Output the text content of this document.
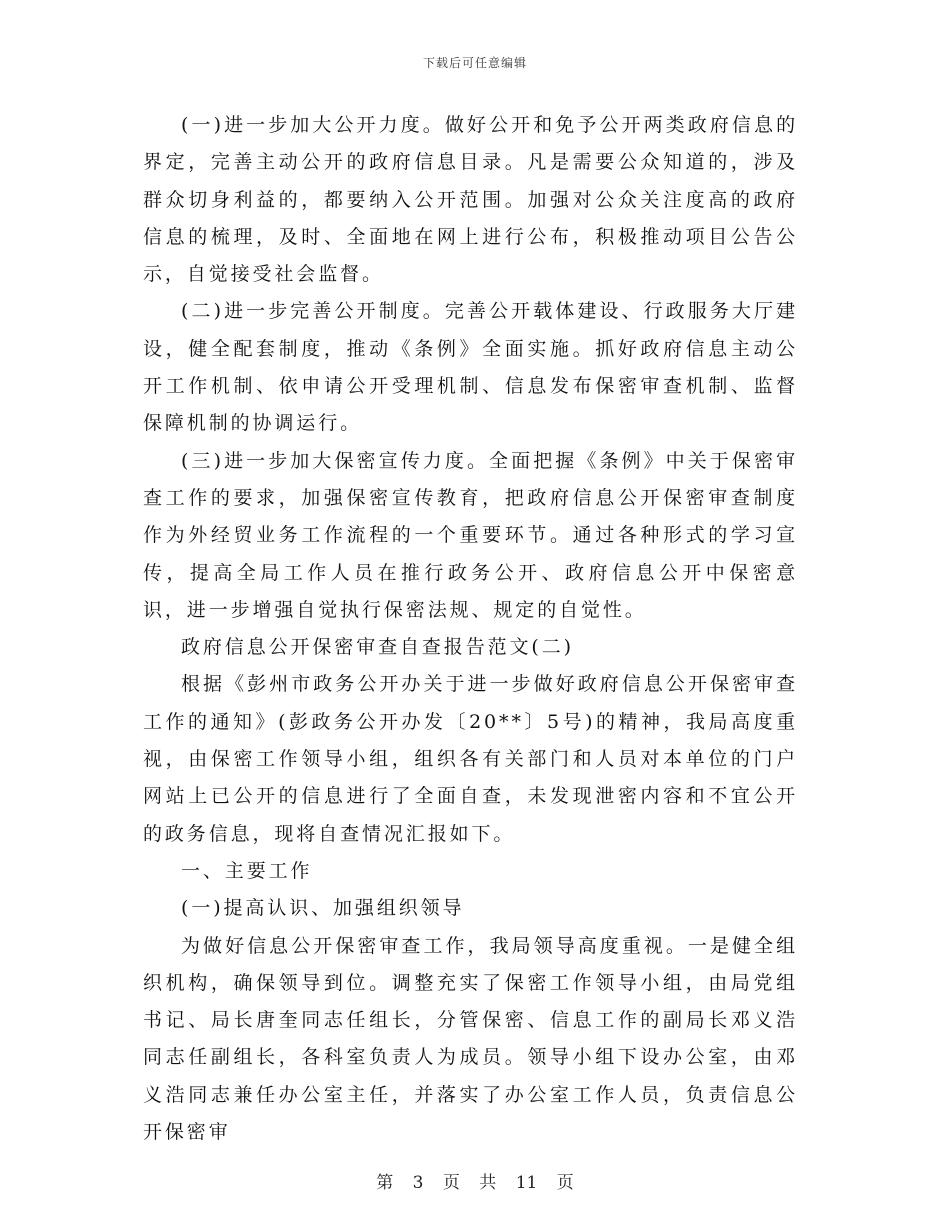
下载后可任意编辑

(一)进一步加大公开力度。做好公开和免予公开两类政府信息的界定，完善主动公开的政府信息目录。凡是需要公众知道的，涉及群众切身利益的，都要纳入公开范围。加强对公众关注度高的政府信息的梳理，及时、全面地在网上进行公布，积极推动项目公告公示，自觉接受社会监督。

(二)进一步完善公开制度。完善公开载体建设、行政服务大厅建设，健全配套制度，推动《条例》全面实施。抓好政府信息主动公开工作机制、依申请公开受理机制、信息发布保密审查机制、监督保障机制的协调运行。

(三)进一步加大保密宣传力度。全面把握《条例》中关于保密审查工作的要求，加强保密宣传教育，把政府信息公开保密审查制度作为外经贸业务工作流程的一个重要环节。通过各种形式的学习宣传，提高全局工作人员在推行政务公开、政府信息公开中保密意识，进一步增强自觉执行保密法规、规定的自觉性。

政府信息公开保密审查自查报告范文(二)

根据《彭州市政务公开办关于进一步做好政府信息公开保密审查工作的通知》(彭政务公开办发〔20**〕5号)的精神，我局高度重视，由保密工作领导小组，组织各有关部门和人员对本单位的门户网站上已公开的信息进行了全面自查，未发现泄密内容和不宜公开的政务信息，现将自查情况汇报如下。

一、主要工作

(一)提高认识、加强组织领导

为做好信息公开保密审查工作，我局领导高度重视。一是健全组织机构，确保领导到位。调整充实了保密工作领导小组，由局党组书记、局长唐奎同志任组长，分管保密、信息工作的副局长邓义浩同志任副组长，各科室负责人为成员。领导小组下设办公室，由邓义浩同志兼任办公室主任，并落实了办公室工作人员，负责信息公开保密审

第 3 页 共 11 页
